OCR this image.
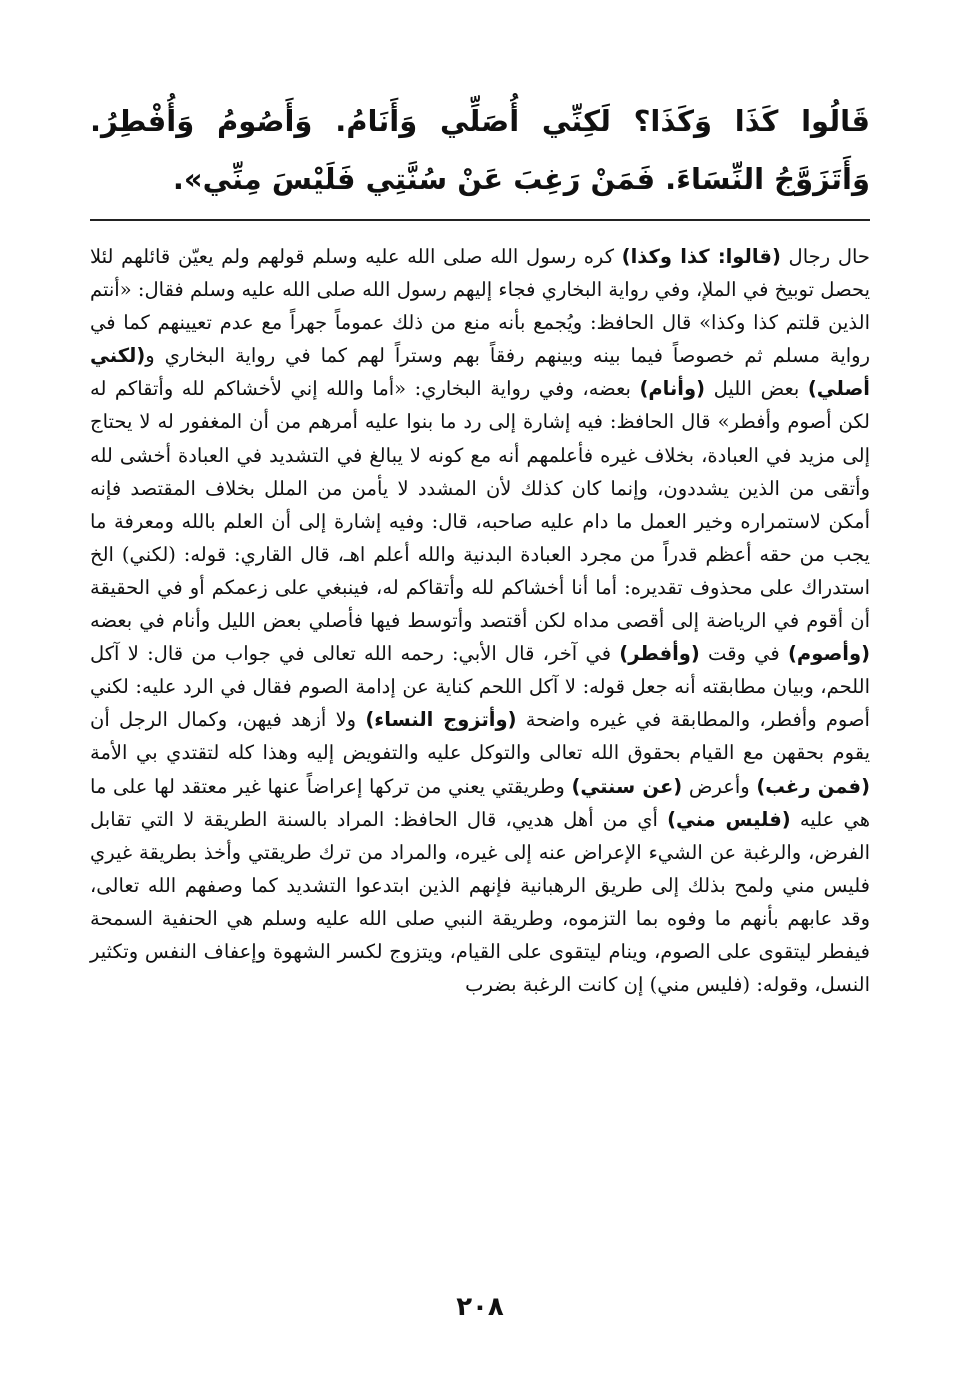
قَالُوا كَذَا وَكَذَا؟ لَكِنِّي أُصَلِّي وَأَنَامُ. وَأَصُومُ وَأُفْطِرُ. وَأَتَزَوَّجُ النِّسَاءَ. فَمَنْ رَغِبَ عَنْ سُنَّتِي فَلَيْسَ مِنِّي».

حال رجال (قالوا: كذا وكذا) كره رسول الله صلى الله عليه وسلم قولهم ولم يعيّن قائلهم لئلا يحصل توبيخ في الملإ، وفي رواية البخاري فجاء إليهم رسول الله صلى الله عليه وسلم فقال: «أنتم الذين قلتم كذا وكذا» قال الحافظ: ويُجمع بأنه منع من ذلك عموماً جهراً مع عدم تعيينهم كما في رواية مسلم ثم خصوصاً فيما بينه وبينهم رفقاً بهم وستراً لهم كما في رواية البخاري و(لكني أصلي) بعض الليل (وأنام) بعضه، وفي رواية البخاري: «أما والله إني لأخشاكم لله وأتقاكم له لكن أصوم وأفطر» قال الحافظ: فيه إشارة إلى رد ما بنوا عليه أمرهم من أن المغفور له لا يحتاج إلى مزيد في العبادة، بخلاف غيره فأعلمهم أنه مع كونه لا يبالغ في التشديد في العبادة أخشى لله وأتقى من الذين يشددون، وإنما كان كذلك لأن المشدد لا يأمن من الملل بخلاف المقتصد فإنه أمكن لاستمراره وخير العمل ما دام عليه صاحبه، قال: وفيه إشارة إلى أن العلم بالله ومعرفة ما يجب من حقه أعظم قدراً من مجرد العبادة البدنية والله أعلم اهـ، قال القاري: قوله: (لكني) الخ استدراك على محذوف تقديره: أما أنا أخشاكم لله وأتقاكم له، فينبغي على زعمكم أو في الحقيقة أن أقوم في الرياضة إلى أقصى مداه لكن أقتصد وأتوسط فيها فأصلي بعض الليل وأنام في بعضه (وأصوم) في وقت (وأفطر) في آخر، قال الأبي: رحمه الله تعالى في جواب من قال: لا آكل اللحم، وبيان مطابقته أنه جعل قوله: لا آكل اللحم كناية عن إدامة الصوم فقال في الرد عليه: لكني أصوم وأفطر، والمطابقة في غيره واضحة (وأتزوج النساء) ولا أزهد فيهن، وكمال الرجل أن يقوم بحقهن مع القيام بحقوق الله تعالى والتوكل عليه والتفويض إليه وهذا كله لتقتدي بي الأمة (فمن رغب) وأعرض (عن سنتي) وطريقتي يعني من تركها إعراضاً عنها غير معتقد لها على ما هي عليه (فليس مني) أي من أهل هديي، قال الحافظ: المراد بالسنة الطريقة لا التي تقابل الفرض، والرغبة عن الشيء الإعراض عنه إلى غيره، والمراد من ترك طريقتي وأخذ بطريقة غيري فليس مني ولمح بذلك إلى طريق الرهبانية فإنهم الذين ابتدعوا التشديد كما وصفهم الله تعالى، وقد عابهم بأنهم ما وفوه بما التزموه، وطريقة النبي صلى الله عليه وسلم هي الحنفية السمحة فيفطر ليتقوى على الصوم، وينام ليتقوى على القيام، ويتزوج لكسر الشهوة وإعفاف النفس وتكثير النسل، وقوله: (فليس مني) إن كانت الرغبة بضرب

٢٠٨
